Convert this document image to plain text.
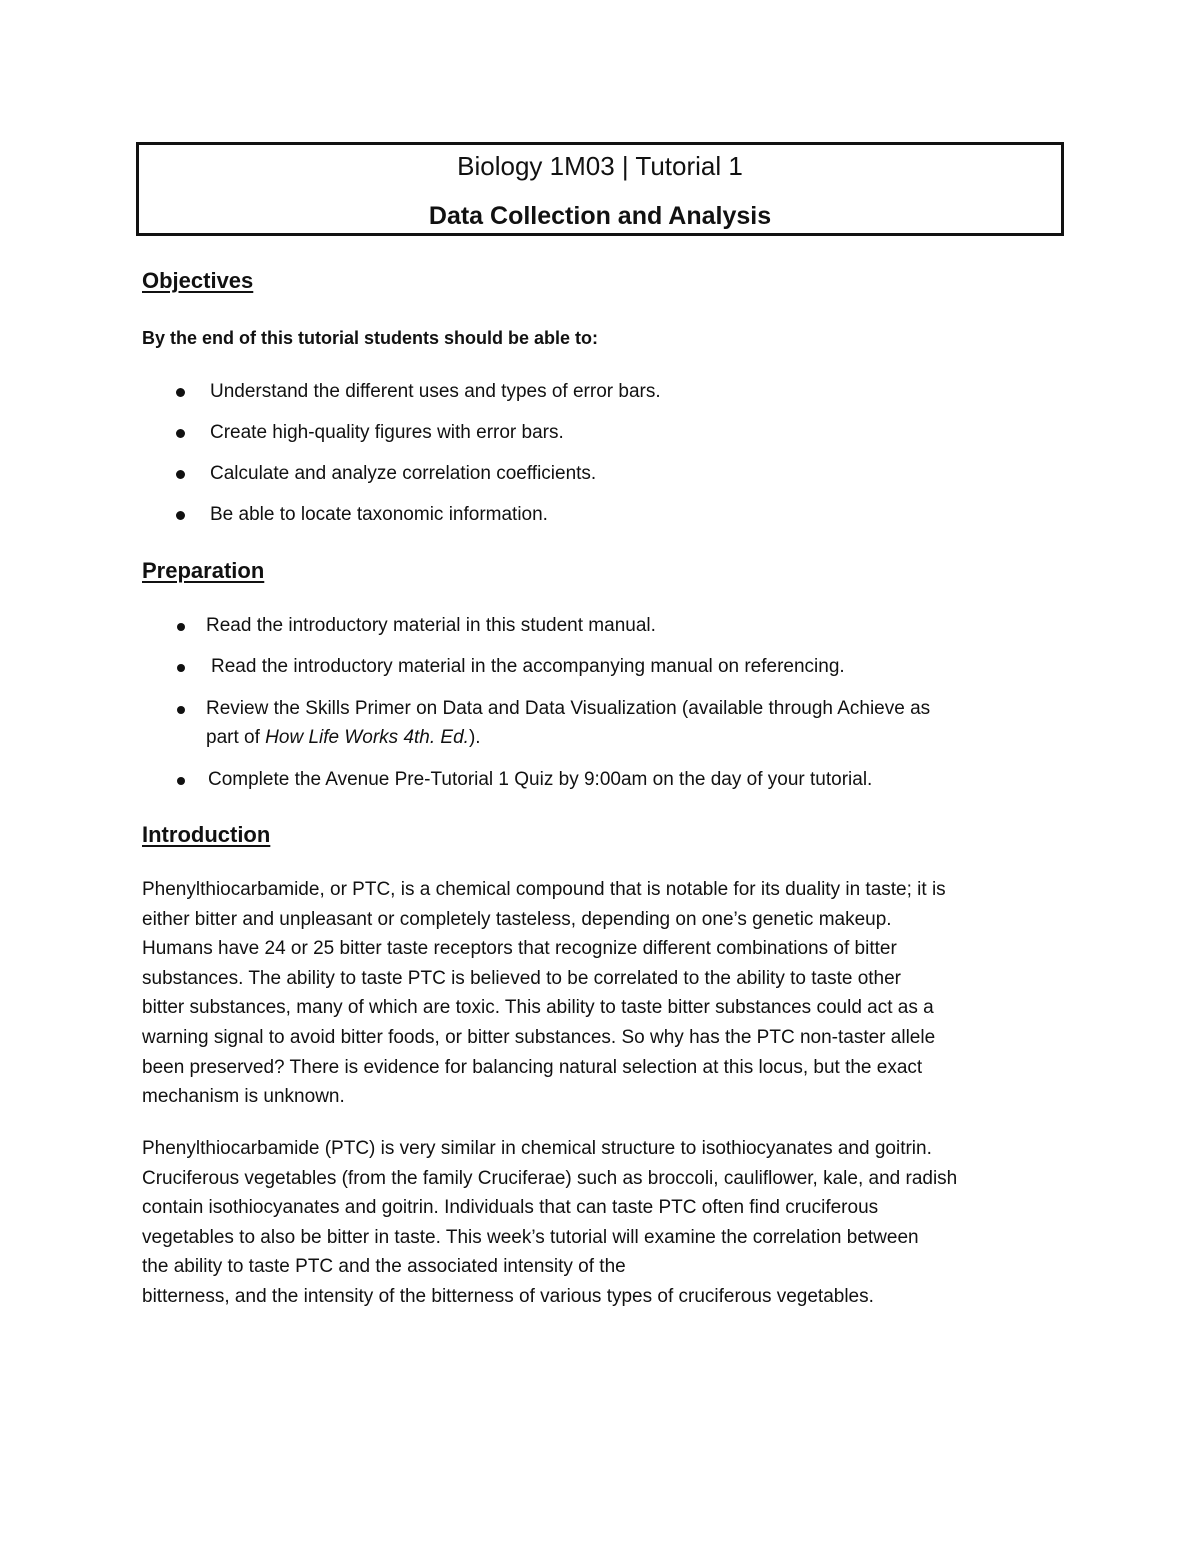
Biology 1M03 | Tutorial 1
Data Collection and Analysis
Objectives
By the end of this tutorial students should be able to:
Understand the different uses and types of error bars.
Create high-quality figures with error bars.
Calculate and analyze correlation coefficients.
Be able to locate taxonomic information.
Preparation
Read the introductory material in this student manual.
Read the introductory material in the accompanying manual on referencing.
Review the Skills Primer on Data and Data Visualization (available through Achieve as
part of How Life Works 4th. Ed.).
Complete the Avenue Pre-Tutorial 1 Quiz by 9:00am on the day of your tutorial.
Introduction
Phenylthiocarbamide, or PTC, is a chemical compound that is notable for its duality in taste; it is
either bitter and unpleasant or completely tasteless, depending on one’s genetic makeup.
Humans have 24 or 25 bitter taste receptors that recognize different combinations of bitter
substances. The ability to taste PTC is believed to be correlated to the ability to taste other
bitter substances, many of which are toxic. This ability to taste bitter substances could act as a
warning signal to avoid bitter foods, or bitter substances. So why has the PTC non-taster allele
been preserved? There is evidence for balancing natural selection at this locus, but the exact
mechanism is unknown.
Phenylthiocarbamide (PTC) is very similar in chemical structure to isothiocyanates and goitrin.
Cruciferous vegetables (from the family Cruciferae) such as broccoli, cauliflower, kale, and radish
contain isothiocyanates and goitrin. Individuals that can taste PTC often find cruciferous
vegetables to also be bitter in taste. This week’s tutorial will examine the correlation between
the ability to taste PTC and the associated intensity of the
bitterness, and the intensity of the bitterness of various types of cruciferous vegetables.
